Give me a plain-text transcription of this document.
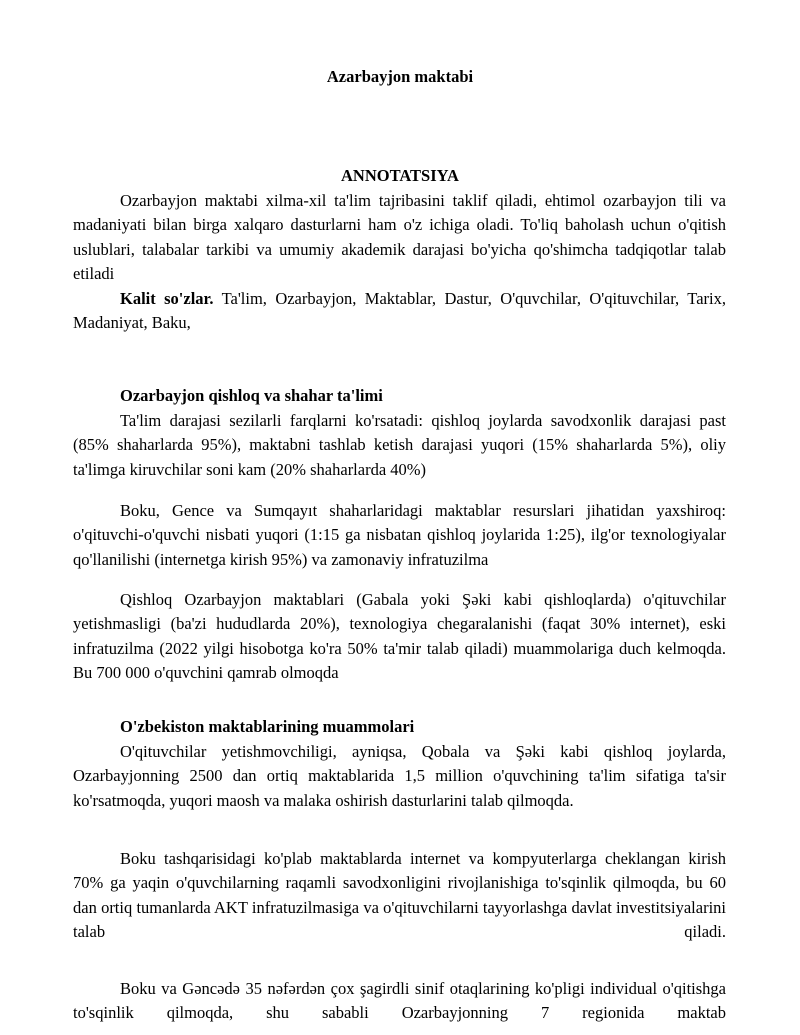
Azarbayjon maktabi
ANNOTATSIYA

Ozarbayjon maktabi xilma-xil ta'lim tajribasini taklif qiladi, ehtimol ozarbayjon tili va madaniyati bilan birga xalqaro dasturlarni ham o'z ichiga oladi. To'liq baholash uchun o'qitish uslublari, talabalar tarkibi va umumiy akademik darajasi bo'yicha qo'shimcha tadqiqotlar talab etiladi

Kalit so'zlar. Ta'lim, Ozarbayjon, Maktablar, Dastur, O'quvchilar, O'qituvchilar, Tarix, Madaniyat, Baku,

Ozarbayjon qishloq va shahar ta'limi

Ta'lim darajasi sezilarli farqlarni ko'rsatadi: qishloq joylarda savodxonlik darajasi past (85% shaharlarda 95%), maktabni tashlab ketish darajasi yuqori (15% shaharlarda 5%), oliy ta'limga kiruvchilar soni kam (20% shaharlarda 40%)

Boku, Gence va Sumqayıt shaharlaridagi maktablar resurslari jihatidan yaxshiroq: o'qituvchi-o'quvchi nisbati yuqori (1:15 ga nisbatan qishloq joylarida 1:25), ilg'or texnologiyalar qo'llanilishi (internetga kirish 95%) va zamonaviy infratuzilma

Qishloq Ozarbayjon maktablari (Gabala yoki Şəki kabi qishloqlarda) o'qituvchilar yetishmasligi (ba'zi hududlarda 20%), texnologiya chegaralanishi (faqat 30% internet), eski infratuzilma (2022 yilgi hisobotga ko'ra 50% ta'mir talab qiladi) muammolariga duch kelmoqda. Bu 700 000 o'quvchini qamrab olmoqda

O'zbekiston maktablarining muammolari

O'qituvchilar yetishmovchiligi, ayniqsa, Qobala va Şəki kabi qishloq joylarda, Ozarbayjonning 2500 dan ortiq maktablarida 1,5 million o'quvchining ta'lim sifatiga ta'sir ko'rsatmoqda, yuqori maosh va malaka oshirish dasturlarini talab qilmoqda.

Boku tashqarisidagi ko'plab maktablarda internet va kompyuterlarga cheklangan kirish 70% ga yaqin o'quvchilarning raqamli savodxonligini rivojlanishiga to'sqinlik qilmoqda, bu 60 dan ortiq tumanlarda AKT infratuzilmasiga va o'qituvchilarni tayyorlashga davlat investitsiyalarini talab qiladi.

Boku va Gəncədə 35 nəfərdən çox şagirdli sinif otaqlarining ko'pligi individual o'qitishga to'sqinlik qilmoqda, shu sababli Ozarbayjonning 7 regionida maktab
